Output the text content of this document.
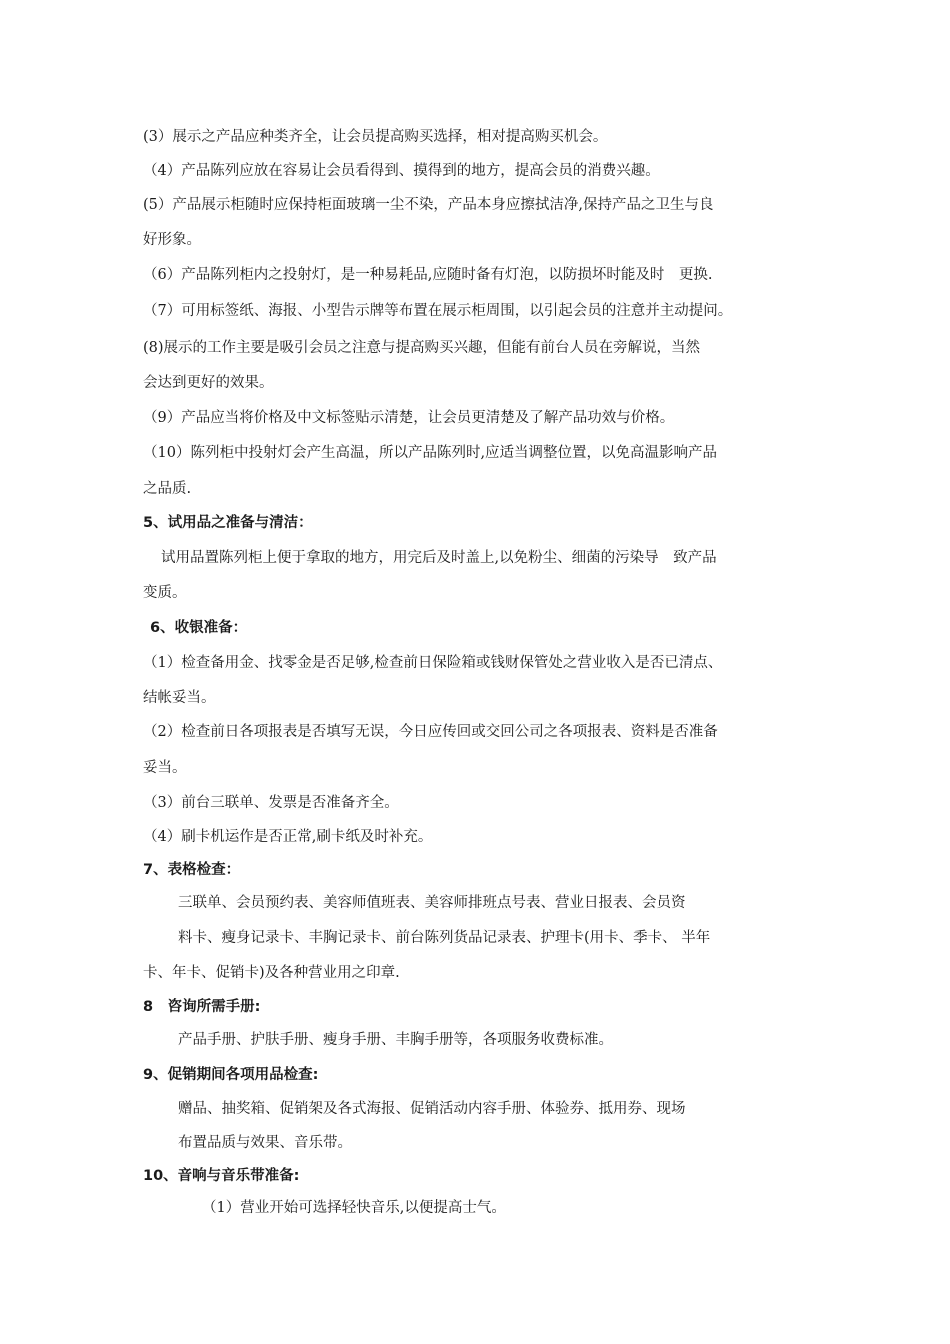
(3）展示之产品应种类齐全，让会员提高购买选择，相对提高购买机会。
（4）产品陈列应放在容易让会员看得到、摸得到的地方，提高会员的消费兴趣。
(5）产品展示柜随时应保持柜面玻璃一尘不染，产品本身应擦拭洁净,保持产品之卫生与良
好形象。
（6）产品陈列柜内之投射灯，是一种易耗品,应随时备有灯泡，以防损坏时能及时　更换.
（7）可用标签纸、海报、小型告示牌等布置在展示柜周围，以引起会员的注意并主动提问。
(8)展示的工作主要是吸引会员之注意与提高购买兴趣，但能有前台人员在旁解说，当然
会达到更好的效果。
（9）产品应当将价格及中文标签贴示清楚，让会员更清楚及了解产品功效与价格。
（10）陈列柜中投射灯会产生高温，所以产品陈列时,应适当调整位置，以免高温影响产品
之品质.
5、试用品之准备与清洁：
试用品置陈列柜上便于拿取的地方，用完后及时盖上,以免粉尘、细菌的污染导　致产品
变质。
6、收银准备：
（1）检查备用金、找零金是否足够,检查前日保险箱或钱财保管处之营业收入是否已清点、
结帐妥当。
（2）检查前日各项报表是否填写无误，今日应传回或交回公司之各项报表、资料是否准备
妥当。
（3）前台三联单、发票是否准备齐全。
（4）刷卡机运作是否正常,刷卡纸及时补充。
7、表格检查：
三联单、会员预约表、美容师值班表、美容师排班点号表、营业日报表、会员资
料卡、瘦身记录卡、丰胸记录卡、前台陈列货品记录表、护理卡(用卡、季卡、 半年
卡、年卡、促销卡)及各种营业用之印章.
8　咨询所需手册:
产品手册、护肤手册、瘦身手册、丰胸手册等，各项服务收费标准。
9、促销期间各项用品检查:
赠品、抽奖箱、促销架及各式海报、促销活动内容手册、体验券、抵用券、现场
布置品质与效果、音乐带。
10、音响与音乐带准备:
（1）营业开始可选择轻快音乐,以便提高士气。
